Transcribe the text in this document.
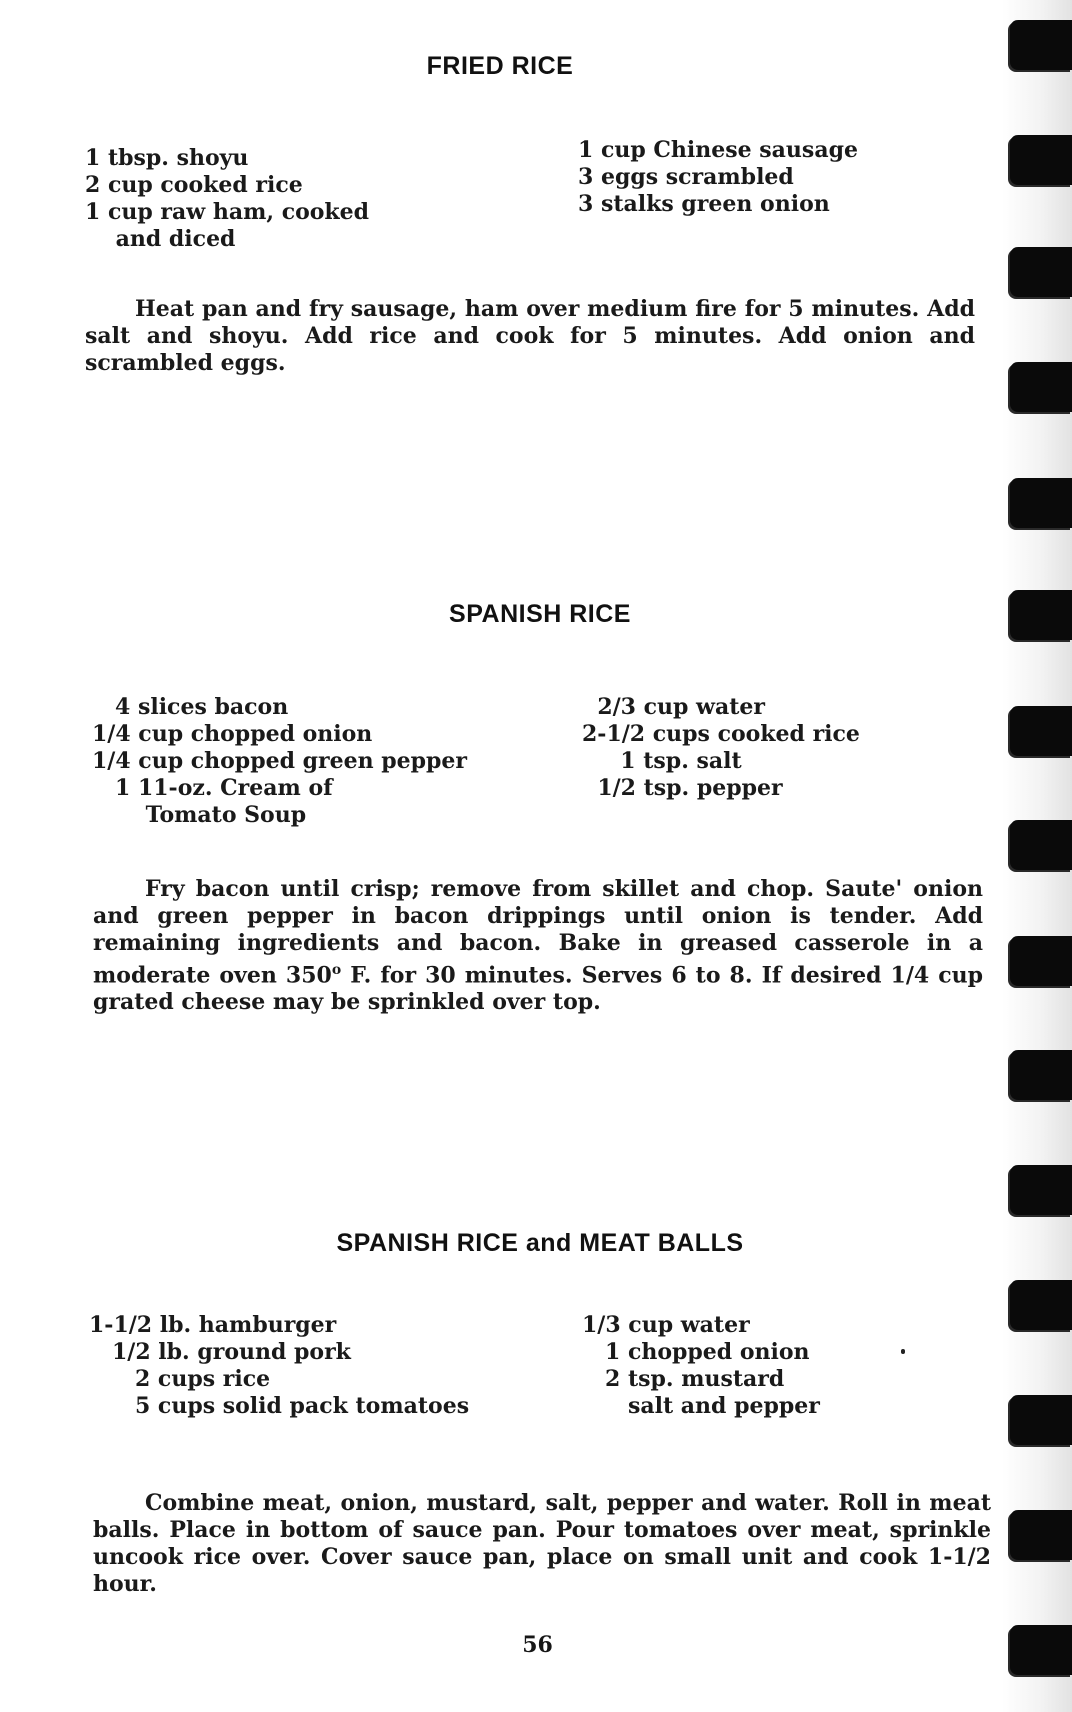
FRIED RICE
1 tbsp. shoyu
2 cup cooked rice
1 cup raw ham, cooked
and diced
1 cup Chinese sausage
3 eggs scrambled
3 stalks green onion

Heat pan and fry sausage, ham over medium fire for 5 minutes. Add salt and shoyu. Add rice and cook for 5 minutes. Add onion and scrambled eggs.

SPANISH RICE
4 slices bacon
1/4 cup chopped onion
1/4 cup chopped green pepper
1 11-oz. Cream of
Tomato Soup
2/3 cup water
2-1/2 cups cooked rice
1 tsp. salt
1/2 tsp. pepper

Fry bacon until crisp; remove from skillet and chop. Saute' onion and green pepper in bacon drippings until onion is tender. Add remaining ingredients and bacon. Bake in greased casserole in a moderate oven 350$^o$ F. for 30 minutes. Serves 6 to 8. If desired 1/4 cup grated cheese may be sprinkled over top.

SPANISH RICE and MEAT BALLS
1-1/2 lb. hamburger
1/2 lb. ground pork
2 cups rice
5 cups solid pack tomatoes
1/3 cup water
1 chopped onion
2 tsp. mustard
salt and pepper

Combine meat, onion, mustard, salt, pepper and water. Roll in meat balls. Place in bottom of sauce pan. Pour tomatoes over meat, sprinkle uncook rice over. Cover sauce pan, place on small unit and cook 1-1/2 hour.

56
